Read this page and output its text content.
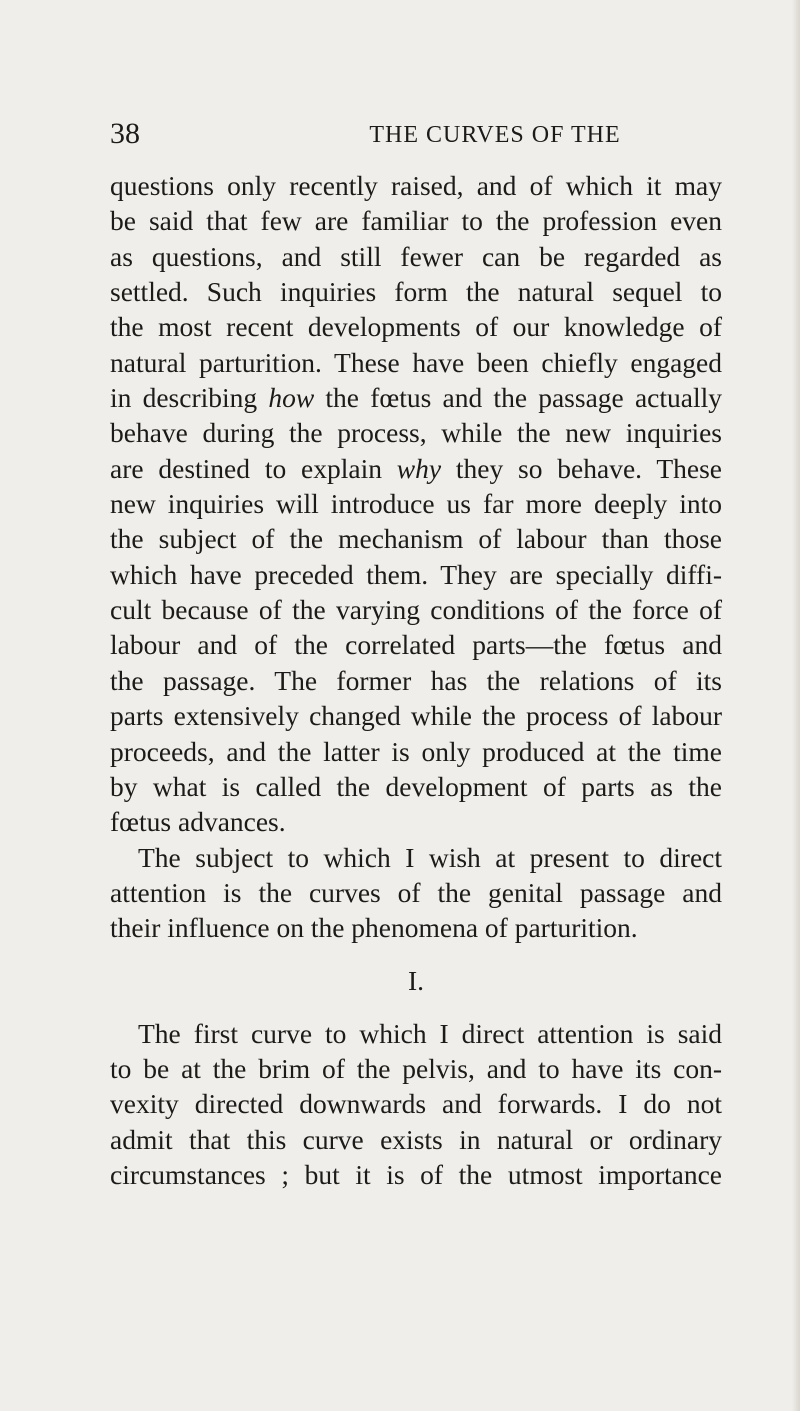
38	THE CURVES OF THE
questions only recently raised, and of which it may
be said that few are familiar to the profession even
as questions, and still fewer can be regarded as
settled. Such inquiries form the natural sequel to
the most recent developments of our knowledge of
natural parturition. These have been chiefly engaged
in describing how the fœtus and the passage actually
behave during the process, while the new inquiries
are destined to explain why they so behave. These
new inquiries will introduce us far more deeply into
the subject of the mechanism of labour than those
which have preceded them. They are specially diffi-
cult because of the varying conditions of the force of
labour and of the correlated parts—the fœtus and
the passage. The former has the relations of its
parts extensively changed while the process of labour
proceeds, and the latter is only produced at the time
by what is called the development of parts as the
fœtus advances.
The subject to which I wish at present to direct
attention is the curves of the genital passage and
their influence on the phenomena of parturition.
I.
The first curve to which I direct attention is said
to be at the brim of the pelvis, and to have its con-
vexity directed downwards and forwards. I do not
admit that this curve exists in natural or ordinary
circumstances ; but it is of the utmost importance
